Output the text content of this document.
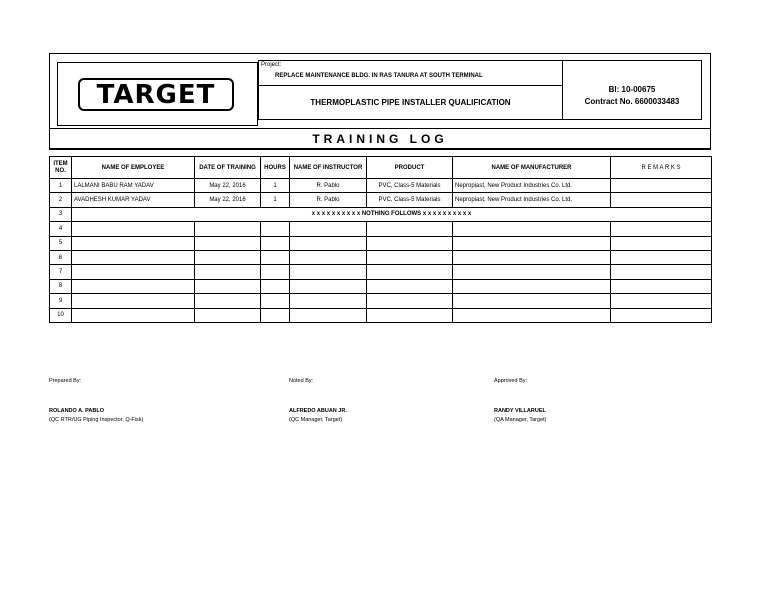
TARGET
Project:
REPLACE MAINTENANCE BLDG. IN RAS TANURA AT SOUTH TERMINAL
THERMOPLASTIC PIPE INSTALLER QUALIFICATION
BI: 10-00675
Contract No. 6600033483
TRAINING LOG
ITEM NO.	NAME OF EMPLOYEE	DATE OF TRAINING	HOURS	NAME OF INSTRUCTOR	PRODUCT	NAME OF MANUFACTURER	R E M A R K S
1	LALMANI BABU RAM YADAV	May 22, 2016	1	R. Pablo	PVC, Class-5 Materials	Nepropiast, New Product Industries Co. Ltd.	
2	AVADHESH KUMAR YADAV	May 22, 2016	1	R. Pablo	PVC, Class-5 Materials	Nepropiast, New Product Industries Co. Ltd.	
3	x x x x x x x x x x NOTHING FOLLOWS x x x x x x x x x x						
4							
5							
6							
7							
8							
9							
10							
Prepared By:
ROLANDO A. PABLO
(QC RTR/UG Piping Inspector, Q-Fisk)
Noted By:
ALFREDO ABUAN JR.
(QC Manager, Target)
Approved By:
RANDY VILLARUEL
(QA Manager, Target)
